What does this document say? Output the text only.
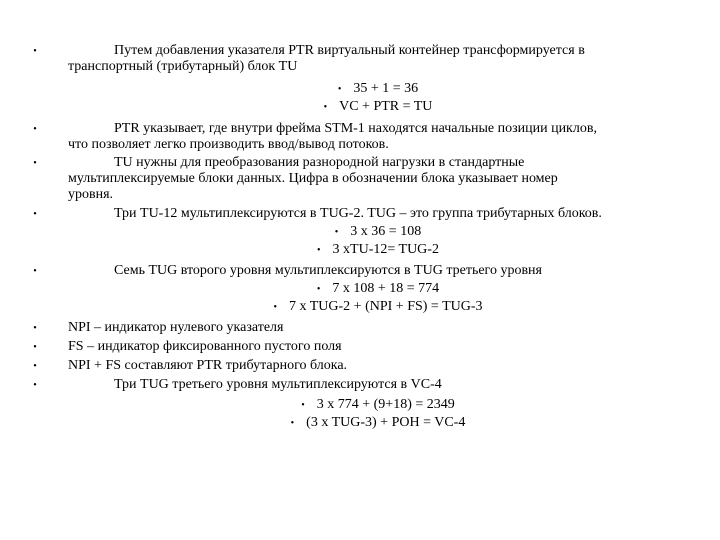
•	Путем добавления указателя PTR виртуальный контейнер трансформируется в
транспортный (трибутарный) блок TU
• 35 + 1 = 36
• VC + PTR = TU
•	PTR указывает, где внутри фрейма STM-1 находятся начальные позиции циклов,
что позволяет легко производить ввод/вывод потоков.
•	TU нужны для преобразования разнородной нагрузки в стандартные
мультиплексируемые блоки данных. Цифра в обозначении блока указывает номер
уровня.
•	Три TU-12 мультиплексируются в TUG-2. TUG – это группа трибутарных блоков.
• 3 x 36 = 108
• 3 xTU-12= TUG-2
•	Семь TUG второго уровня мультиплексируются в TUG третьего уровня
• 7 x 108 + 18 = 774
• 7 x TUG-2 + (NPI + FS) = TUG-3
• NPI – индикатор нулевого указателя
• FS – индикатор фиксированного пустого поля
• NPI + FS составляют PTR трибутарного блока.
•	Три TUG третьего уровня мультиплексируются в VC-4
• 3 x 774 + (9+18) = 2349
• (3 x TUG-3) + POH = VC-4
